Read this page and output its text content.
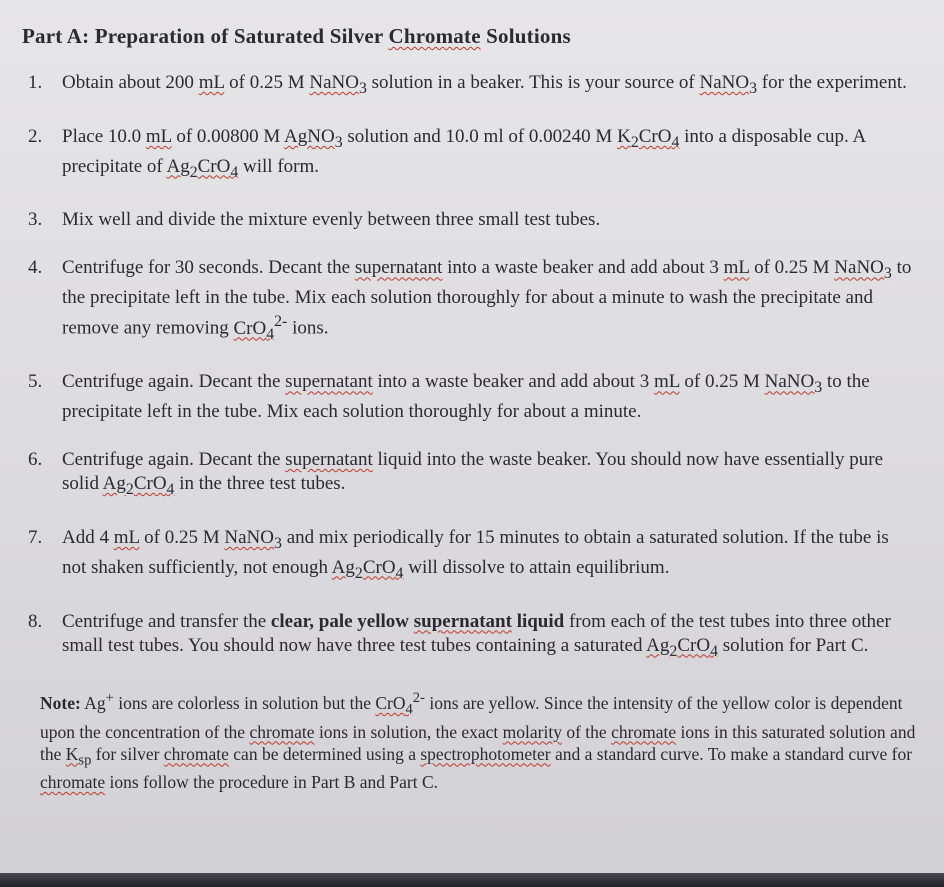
Part A: Preparation of Saturated Silver Chromate Solutions
1.	Obtain about 200 mL of 0.25 M NaNO$_3$ solution in a beaker. This is your source of NaNO$_3$ for the experiment.
2.	Place 10.0 mL of 0.00800 M AgNO$_3$ solution and 10.0 ml of 0.00240 M $K_2CrO_4$ into a disposable cup. A precipitate of $Ag_2CrO_4$ will form.
3.	Mix well and divide the mixture evenly between three small test tubes.
4.	Centrifuge for 30 seconds. Decant the supernatant into a waste beaker and add about 3 mL of 0.25 M NaNO$_3$ to the precipitate left in the tube. Mix each solution thoroughly for about a minute to wash the precipitate and remove any removing CrO$_4^{2-}$ ions.
5.	Centrifuge again. Decant the supernatant into a waste beaker and add about 3 mL of 0.25 M NaNO$_3$ to the precipitate left in the tube. Mix each solution thoroughly for about a minute.
6.	Centrifuge again. Decant the supernatant liquid into the waste beaker. You should now have essentially pure solid $Ag_2CrO_4$ in the three test tubes.
7.	Add 4 mL of 0.25 M NaNO$_3$ and mix periodically for 15 minutes to obtain a saturated solution. If the tube is not shaken sufficiently, not enough $Ag_2CrO_4$ will dissolve to attain equilibrium.
8.	Centrifuge and transfer the clear, pale yellow supernatant liquid from each of the test tubes into three other small test tubes. You should now have three test tubes containing a saturated $Ag_2CrO_4$ solution for Part C.
Note: Ag+ ions are colorless in solution but the CrO$_4^{2-}$ ions are yellow. Since the intensity of the yellow color is dependent upon the concentration of the chromate ions in solution, the exact molarity of the chromate ions in this saturated solution and the $K_{sp}$ for silver chromate can be determined using a spectrophotometer and a standard curve. To make a standard curve for chromate ions follow the procedure in Part B and Part C.
